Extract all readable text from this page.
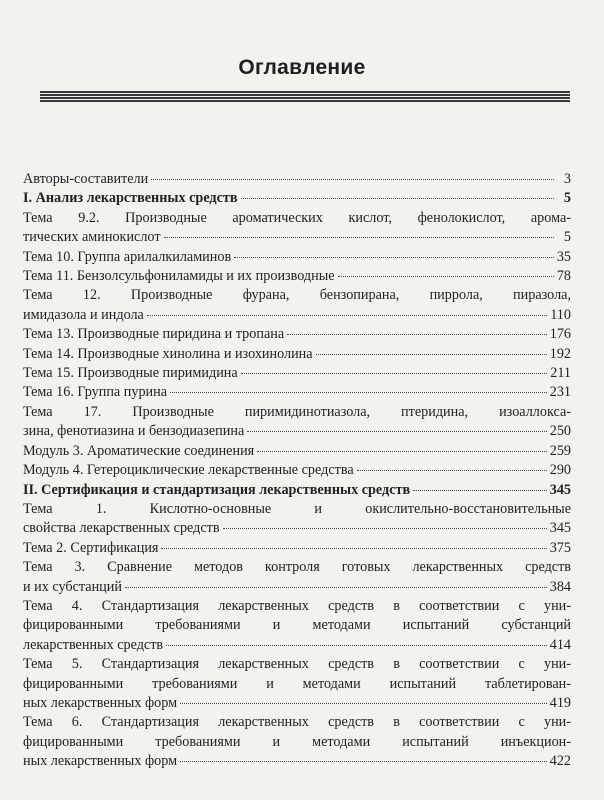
Оглавление
Авторы-составители	3
I. Анализ лекарственных средств	5
Тема 9.2. Производные ароматических кислот, фенолокислот, арома-
тических аминокислот	5
Тема 10. Группа арилалкиламинов	35
Тема 11. Бензолсульфониламиды и их производные	78
Тема 12. Производные фурана, бензопирана, пиррола, пиразола,
имидазола и индола	110
Тема 13. Производные пиридина и тропана	176
Тема 14. Производные хинолина и изохинолина	192
Тема 15. Производные пиримидина	211
Тема 16. Группа пурина	231
Тема 17. Производные пиримидинотиазола, птеридина, изоаллокса-
зина, фенотиазина и бензодиазепина	250
Модуль 3. Ароматические соединения	259
Модуль 4. Гетероциклические лекарственные средства	290
II. Сертификация и стандартизация лекарственных средств	345
Тема 1. Кислотно-основные и окислительно-восстановительные
свойства лекарственных средств	345
Тема 2. Сертификация	375
Тема 3. Сравнение методов контроля готовых лекарственных средств
и их субстанций	384
Тема 4. Стандартизация лекарственных средств в соответствии с уни-
фицированными требованиями и методами испытаний субстанций
лекарственных средств	414
Тема 5. Стандартизация лекарственных средств в соответствии с уни-
фицированными требованиями и методами испытаний таблетирован-
ных лекарственных форм	419
Тема 6. Стандартизация лекарственных средств в соответствии с уни-
фицированными требованиями и методами испытаний инъекцион-
ных лекарственных форм	422
